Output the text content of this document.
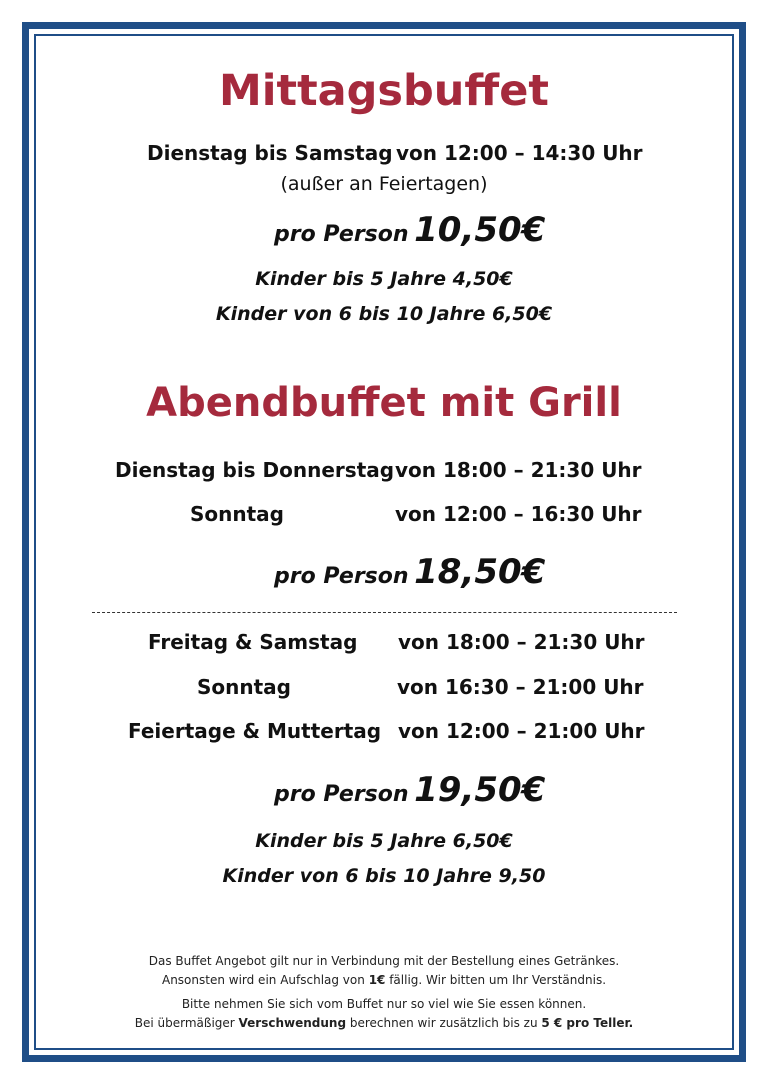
Mittagsbuffet
Dienstag bis Samstag von 12:00 – 14:30 Uhr
(außer an Feiertagen)
pro Person 10,50€
Kinder bis 5 Jahre 4,50€
Kinder von 6 bis 10 Jahre 6,50€
Abendbuffet mit Grill
Dienstag bis Donnerstag von 18:00 – 21:30 Uhr
Sonntag	von 12:00 – 16:30 Uhr
pro Person 18,50€
Freitag & Samstag von 18:00 – 21:30 Uhr
Sonntag	von 16:30 – 21:00 Uhr
Feiertage & Muttertag von 12:00 – 21:00 Uhr
pro Person 19,50€
Kinder bis 5 Jahre 6,50€
Kinder von 6 bis 10 Jahre 9,50
Das Buffet Angebot gilt nur in Verbindung mit der Bestellung eines Getränkes.
Ansonsten wird ein Aufschlag von 1€ fällig. Wir bitten um Ihr Verständnis.
Bitte nehmen Sie sich vom Buffet nur so viel wie Sie essen können.
Bei übermäßiger Verschwendung berechnen wir zusätzlich bis zu 5 € pro Teller.
